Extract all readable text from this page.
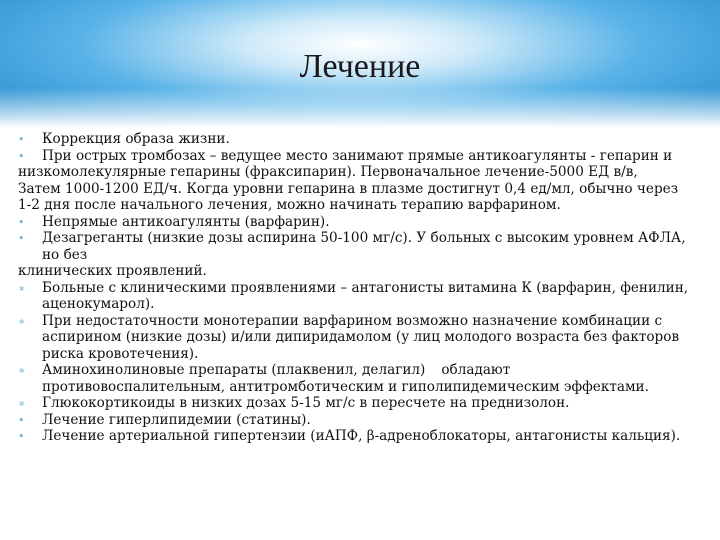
Лечение
• Коррекция образа жизни.
• При острых тромбозах – ведущее место занимают прямые антикоагулянты - гепарин и
низкомолекулярные гепарины (фраксипарин). Первоначальное лечение-5000 ЕД в/в,
Затем 1000-1200 ЕД/ч. Когда уровни гепарина в плазме достигнут 0,4 ед/мл, обычно через
1-2 дня после начального лечения, можно начинать терапию варфарином.
• Непрямые антикоагулянты (варфарин).
• Дезагреганты (низкие дозы аспирина 50-100 мг/с). У больных с высоким уровнем АФЛА,
но без
клинических проявлений.
∗ Больные с клиническими проявлениями – антагонисты витамина К (варфарин, фенилин,
аценокумарол).
∗ При недостаточности монотерапии варфарином возможно назначение комбинации с
аспирином (низкие дозы) и/или дипиридамолом (у лиц молодого возраста без факторов
риска кровотечения).
∗ Аминохинолиновые препараты (плаквенил, делагил) обладают
противовоспалительным, антитромботическим и гиполипидемическим эффектами.
∗ Глюкокортикоиды в низких дозах 5-15 мг/с в пересчете на преднизолон.
• Лечение гиперлипидемии (статины).
• Лечение артериальной гипертензии (иАПФ, β-адреноблокаторы, антагонисты кальция).
